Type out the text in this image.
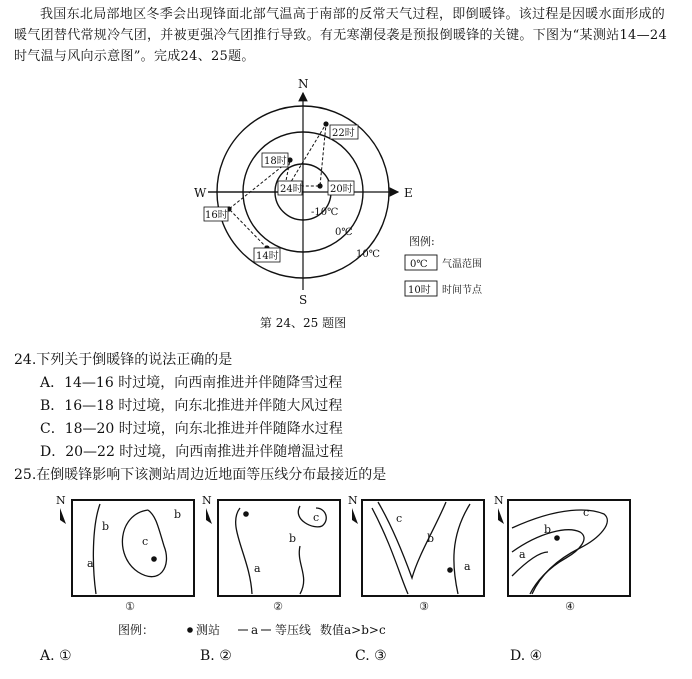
我国东北局部地区冬季会出现锋面北部气温高于南部的反常天气过程，即倒暖锋。该过程是因暖水面形成的暖气团替代常规冷气团，并被更强冷气团推行导致。有无寒潮侵袭是预报倒暖锋的关键。下图为“某测站14—24时气温与风向示意图”。完成24、25题。
N
S
E
W
22时
18时
24时	20时
16时
14时
-10℃
0℃
10℃
图例:
0℃ 气温范围
10时 时间节点
第 24、25 题图
24.下列关于倒暖锋的说法正确的是
A．14—16 时过境，向西南推进并伴随降雪过程
B．16—18 时过境，向东北推进并伴随大风过程
C．18—20 时过境，向东北推进并伴随降水过程
D．20—22 时过境，向西南推进并伴随增温过程
25.在倒暖锋影响下该测站周边近地面等压线分布最接近的是
N
a
b
b
c
①
N
a
b
c
②
N
c
b
a
③
N
c
b
a
④
图例：	测站	a 等压线 数值a>b>c
A. ①	B. ②	C. ③	D. ④
